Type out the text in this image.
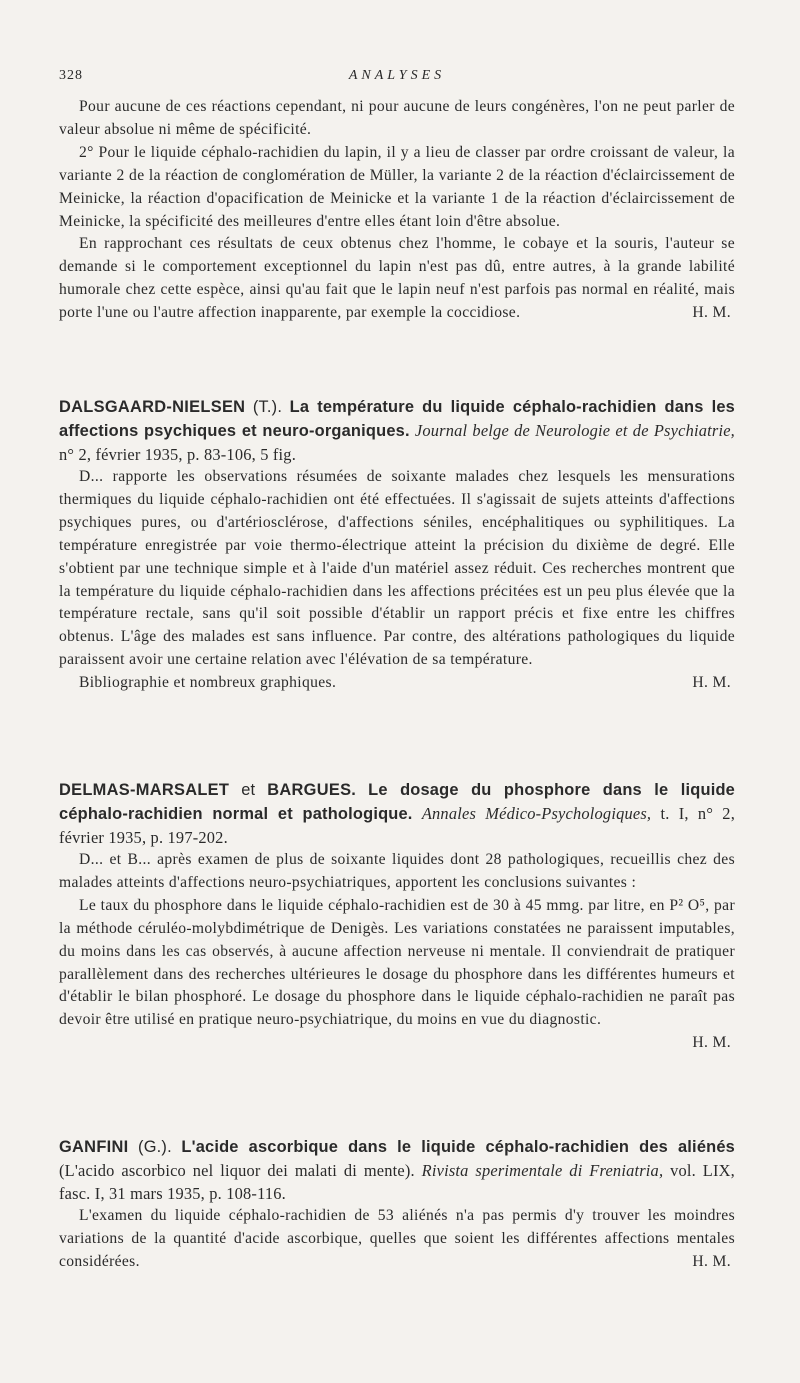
328	ANALYSES

Pour aucune de ces réactions cependant, ni pour aucune de leurs congénères, l'on ne peut parler de valeur absolue ni même de spécificité.

2° Pour le liquide céphalo-rachidien du lapin, il y a lieu de classer par ordre croissant de valeur, la variante 2 de la réaction de conglomération de Müller, la variante 2 de la réaction d'éclaircissement de Meinicke, la réaction d'opacification de Meinicke et la variante 1 de la réaction d'éclaircissement de Meinicke, la spécificité des meilleures d'entre elles étant loin d'être absolue.

En rapprochant ces résultats de ceux obtenus chez l'homme, le cobaye et la souris, l'auteur se demande si le comportement exceptionnel du lapin n'est pas dû, entre autres, à la grande labilité humorale chez cette espèce, ainsi qu'au fait que le lapin neuf n'est parfois pas normal en réalité, mais porte l'une ou l'autre affection inapparente, par exemple la coccidiose.	H. M.

DALSGAARD-NIELSEN (T.). La température du liquide céphalo-rachidien dans les affections psychiques et neuro-organiques. Journal belge de Neurologie et de Psychiatrie, n° 2, février 1935, p. 83-106, 5 fig.

D... rapporte les observations résumées de soixante malades chez lesquels les mensurations thermiques du liquide céphalo-rachidien ont été effectuées. Il s'agissait de sujets atteints d'affections psychiques pures, ou d'artériosclérose, d'affections séniles, encéphalitiques ou syphilitiques. La température enregistrée par voie thermo-électrique atteint la précision du dixième de degré. Elle s'obtient par une technique simple et à l'aide d'un matériel assez réduit. Ces recherches montrent que la température du liquide céphalo-rachidien dans les affections précitées est un peu plus élevée que la température rectale, sans qu'il soit possible d'établir un rapport précis et fixe entre les chiffres obtenus. L'âge des malades est sans influence. Par contre, des altérations pathologiques du liquide paraissent avoir une certaine relation avec l'élévation de sa température.

Bibliographie et nombreux graphiques.	H. M.

DELMAS-MARSALET et BARGUES. Le dosage du phosphore dans le liquide céphalo-rachidien normal et pathologique. Annales Médico-Psychologiques, t. I, n° 2, février 1935, p. 197-202.

D... et B... après examen de plus de soixante liquides dont 28 pathologiques, recueillis chez des malades atteints d'affections neuro-psychiatriques, apportent les conclusions suivantes :

Le taux du phosphore dans le liquide céphalo-rachidien est de 30 à 45 mmg. par litre, en P² O⁵, par la méthode céruléo-molybdimétrique de Denigès. Les variations constatées ne paraissent imputables, du moins dans les cas observés, à aucune affection nerveuse ni mentale. Il conviendrait de pratiquer parallèlement dans des recherches ultérieures le dosage du phosphore dans les différentes humeurs et d'établir le bilan phosphoré. Le dosage du phosphore dans le liquide céphalo-rachidien ne paraît pas devoir être utilisé en pratique neuro-psychiatrique, du moins en vue du diagnostic.

H. M.

GANFINI (G.). L'acide ascorbique dans le liquide céphalo-rachidien des aliénés (L'acido ascorbico nel liquor dei malati di mente). Rivista sperimentale di Freniatria, vol. LIX, fasc. I, 31 mars 1935, p. 108-116.

L'examen du liquide céphalo-rachidien de 53 aliénés n'a pas permis d'y trouver les moindres variations de la quantité d'acide ascorbique, quelles que soient les différentes affections mentales considérées.	H. M.
